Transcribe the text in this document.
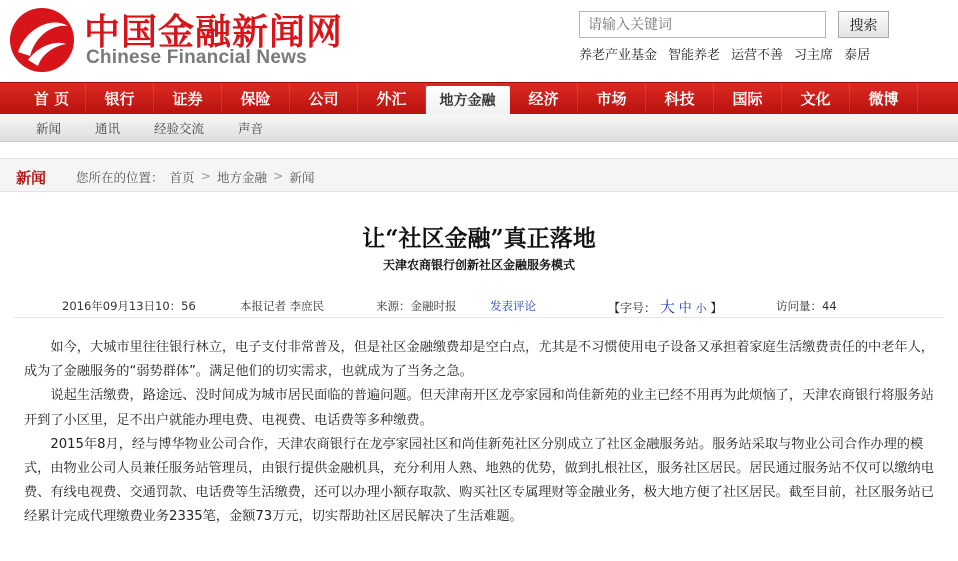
中国金融新闻网
Chinese Financial News
请输入关键词
搜索
养老产业基金 智能养老 运营不善 习主席 泰居
首 页	银行	证券	保险	公司	外汇	地方金融	经济	市场	科技	国际	文化	微博
新闻	通讯	经验交流	声音
新闻 您所在的位置： 首页 > 地方金融 > 新闻
让“社区金融”真正落地
天津农商银行创新社区金融服务模式
2016年09月13日10：56	本报记者 李庶民	来源：金融时报	发表评论	【字号： 大 中 小 】	访问量：44

如今，大城市里往往银行林立，电子支付非常普及，但是社区金融缴费却是空白点，尤其是不习惯使用电子设备又承担着家庭生活缴费责任的中老年人，成为了金融服务的“弱势群体”。满足他们的切实需求，也就成为了当务之急。

说起生活缴费，路途远、没时间成为城市居民面临的普遍问题。但天津南开区龙亭家园和尚佳新苑的业主已经不用再为此烦恼了，天津农商银行将服务站开到了小区里，足不出户就能办理电费、电视费、电话费等多种缴费。

2015年8月，经与博华物业公司合作，天津农商银行在龙亭家园社区和尚佳新苑社区分别成立了社区金融服务站。服务站采取与物业公司合作办理的模式，由物业公司人员兼任服务站管理员，由银行提供金融机具，充分利用人熟、地熟的优势，做到扎根社区，服务社区居民。居民通过服务站不仅可以缴纳电费、有线电视费、交通罚款、电话费等生活缴费，还可以办理小额存取款、购买社区专属理财等金融业务，极大地方便了社区居民。截至目前，社区服务站已经累计完成代理缴费业务2335笔，金额73万元，切实帮助社区居民解决了生活难题。
